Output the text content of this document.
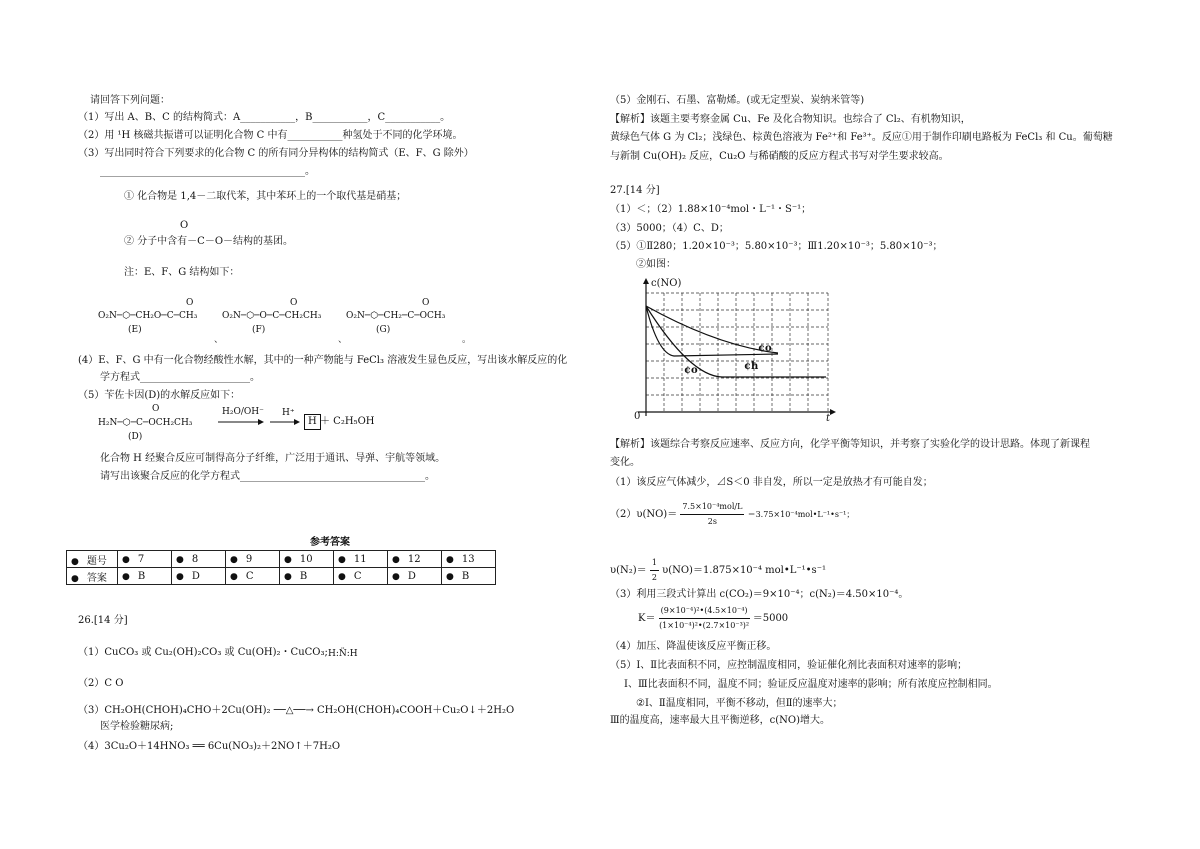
请回答下列问题：
（1）写出 A、B、C 的结构简式：A___________，B___________，C___________。
（2）用 ¹H 核磁共振谱可以证明化合物 C 中有___________种氢处于不同的化学环境。
（3）写出同时符合下列要求的化合物 C 的所有同分异构体的结构简式（E、F、G 除外）
_________________________________________。
① 化合物是 1,4－二取代苯，其中苯环上的一个取代基是硝基；
O
② 分子中含有－C－O－结构的基团。
注：E、F、G 结构如下：
O	O	O
O₂N─⬡─CH₂O─C─CH₃	O₂N─⬡─O─C─CH₂CH₃	O₂N─⬡─CH₂─C─OCH₃
(E)	(F)	(G)
、	、	。
(4）E、F、G 中有一化合物经酸性水解，其中的一种产物能与 FeCl₃ 溶液发生显色反应，写出该水解反应的化
学方程式______________________。
（5）苄佐卡因(D)的水解反应如下：
O
H₂N─⬡─C─OCH₂CH₃
(D)
H₂O/OH⁻ H⁺
H ＋ C₂H₅OH
化合物 H 经聚合反应可制得高分子纤维，广泛用于通讯、导弹、宇航等领域。
请写出该聚合反应的化学方程式_____________________________________。
参考答案
● 题号	● 7	● 8	● 9	● 10	● 11	● 12	● 13
● 答案	● B	● D	● C	● B	● C	● D	● B
26.[14 分]
（1）CuCO₃ 或 Cu₂(OH)₂CO₃ 或 Cu(OH)₂・CuCO₃; H:N̈:H
（2）C O
（3）CH₂OH(CHOH)₄CHO＋2Cu(OH)₂ ──△──→ CH₂OH(CHOH)₄COOH＋Cu₂O↓＋2H₂O
医学检验糖尿病;
（4）3Cu₂O＋14HNO₃ ══ 6Cu(NO₃)₂＋2NO↑＋7H₂O
（5）金刚石、石墨、富勒烯。(或无定型炭、炭纳米管等)
【解析】该题主要考察金属 Cu、Fe 及化合物知识。也综合了 Cl₂、有机物知识，
黄绿色气体 G 为 Cl₂；浅绿色、棕黄色溶液为 Fe²⁺和 Fe³⁺。反应①用于制作印刷电路板为 FeCl₃ 和 Cu。葡萄糖
与新制 Cu(OH)₂ 反应，Cu₂O 与稀硝酸的反应方程式书写对学生要求较高。
27.[14 分]
（1）＜；（2）1.88×10⁻⁴mol・L⁻¹・S⁻¹；
（3）5000；（4）C、D；
（5）①Ⅱ280；1.20×10⁻³；5.80×10⁻³；Ⅲ1.20×10⁻³；5.80×10⁻³；
②如图：
c(NO)
t
0
¢o
¢o	¢ħ
【解析】该题综合考察反应速率、反应方向，化学平衡等知识，并考察了实验化学的设计思路。体现了新课程
变化。
（1）该反应气体减少，⊿S＜0 非自发，所以一定是放热才有可能自发；
$(2)\upsilon(NO)= \frac{\text{7.5×10⁻⁴mol/L}}{2s}$ ＝3.75×10⁻⁴mol•L⁻¹•s⁻¹；
$\upsilon(N_2)= \frac{1}{2} \upsilon(NO)=1.875\times 10^{-4}$ mol•L⁻¹•s⁻¹
（3）利用三段式计算出 c(CO₂)＝9×10⁻⁴；c(N₂)＝4.50×10⁻⁴。
$K= \frac{\text{(9×10⁻⁴)²•(4.5×10⁻⁴)}}{\text{(1×10⁻⁴)²•(2.7×10⁻³)²}} =5000$
（4）加压、降温使该反应平衡正移。
（5）Ⅰ、Ⅱ比表面积不同，应控制温度相同，验证催化剂比表面积对速率的影响；
Ⅰ、Ⅲ比表面积不同，温度不同；验证反应温度对速率的影响；所有浓度应控制相同。
②Ⅰ、Ⅱ温度相同，平衡不移动，但Ⅱ的速率大；
Ⅲ的温度高，速率最大且平衡逆移，c(NO)增大。
